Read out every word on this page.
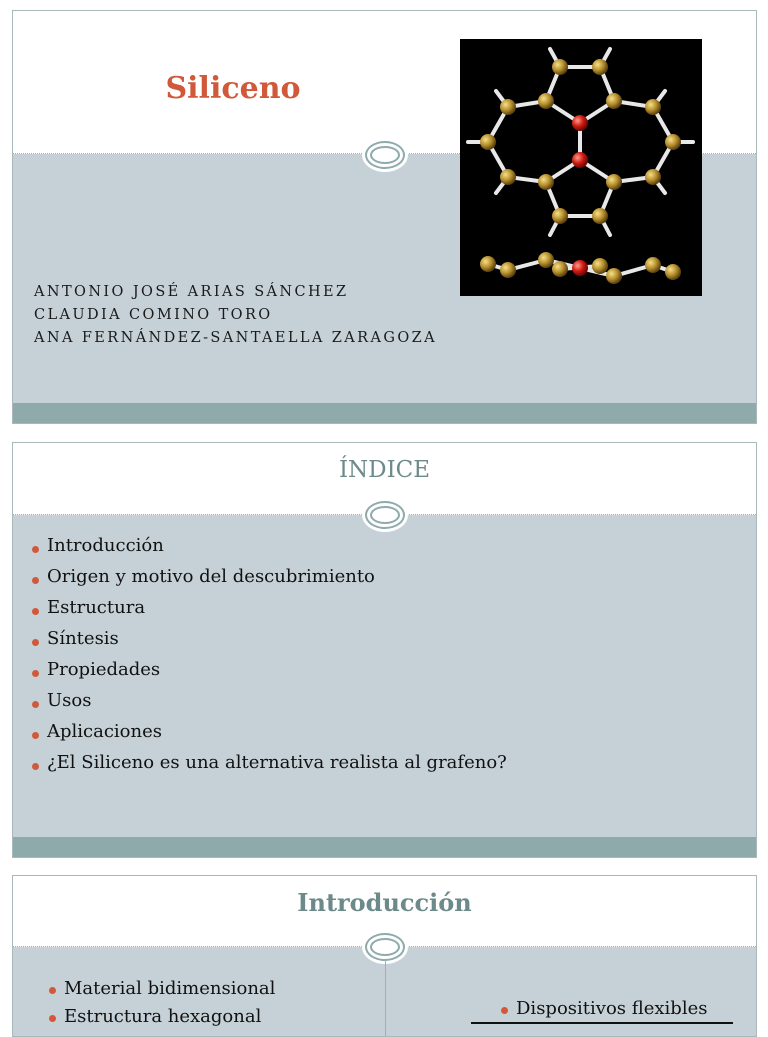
Siliceno
ANTONIO JOSÉ ARIAS SÁNCHEZ
CLAUDIA COMINO TORO
ANA FERNÁNDEZ-SANTAELLA ZARAGOZA
ÍNDICE
Introducción
Origen y motivo del descubrimiento
Estructura
Síntesis
Propiedades
Usos
Aplicaciones
¿El Siliceno es una alternativa realista al grafeno?
Introducción
Material bidimensional
Estructura hexagonal	Dispositivos flexibles
